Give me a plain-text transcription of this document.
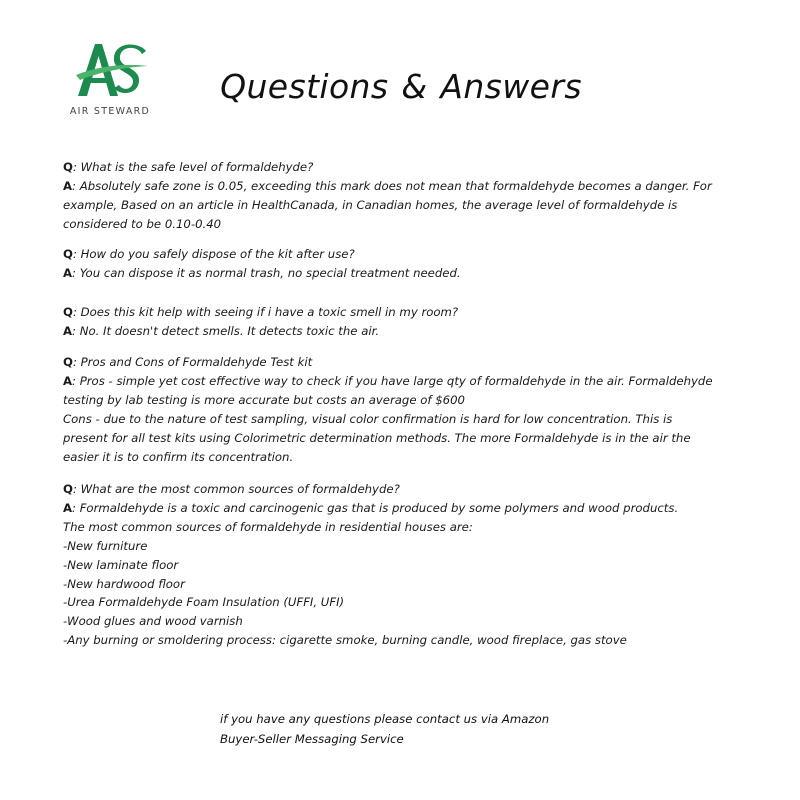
AIR STEWARD
Questions & Answers
Q: What is the safe level of formaldehyde?
A: Absolutely safe zone is 0.05, exceeding this mark does not mean that formaldehyde becomes a danger. For
example, Based on an article in HealthCanada, in Canadian homes, the average level of formaldehyde is
considered to be 0.10-0.40
Q: How do you safely dispose of the kit after use?
A: You can dispose it as normal trash, no special treatment needed.
Q: Does this kit help with seeing if i have a toxic smell in my room?
A: No. It doesn't detect smells. It detects toxic the air.
Q: Pros and Cons of Formaldehyde Test kit
A: Pros - simple yet cost effective way to check if you have large qty of formaldehyde in the air. Formaldehyde
testing by lab testing is more accurate but costs an average of $600
Cons - due to the nature of test sampling, visual color confirmation is hard for low concentration. This is
present for all test kits using Colorimetric determination methods. The more Formaldehyde is in the air the
easier it is to confirm its concentration.
Q: What are the most common sources of formaldehyde?
A: Formaldehyde is a toxic and carcinogenic gas that is produced by some polymers and wood products.
The most common sources of formaldehyde in residential houses are:
-New furniture
-New laminate floor
-New hardwood floor
-Urea Formaldehyde Foam Insulation (UFFI, UFI)
-Wood glues and wood varnish
-Any burning or smoldering process: cigarette smoke, burning candle, wood fireplace, gas stove
if you have any questions please contact us via Amazon
Buyer-Seller Messaging Service
